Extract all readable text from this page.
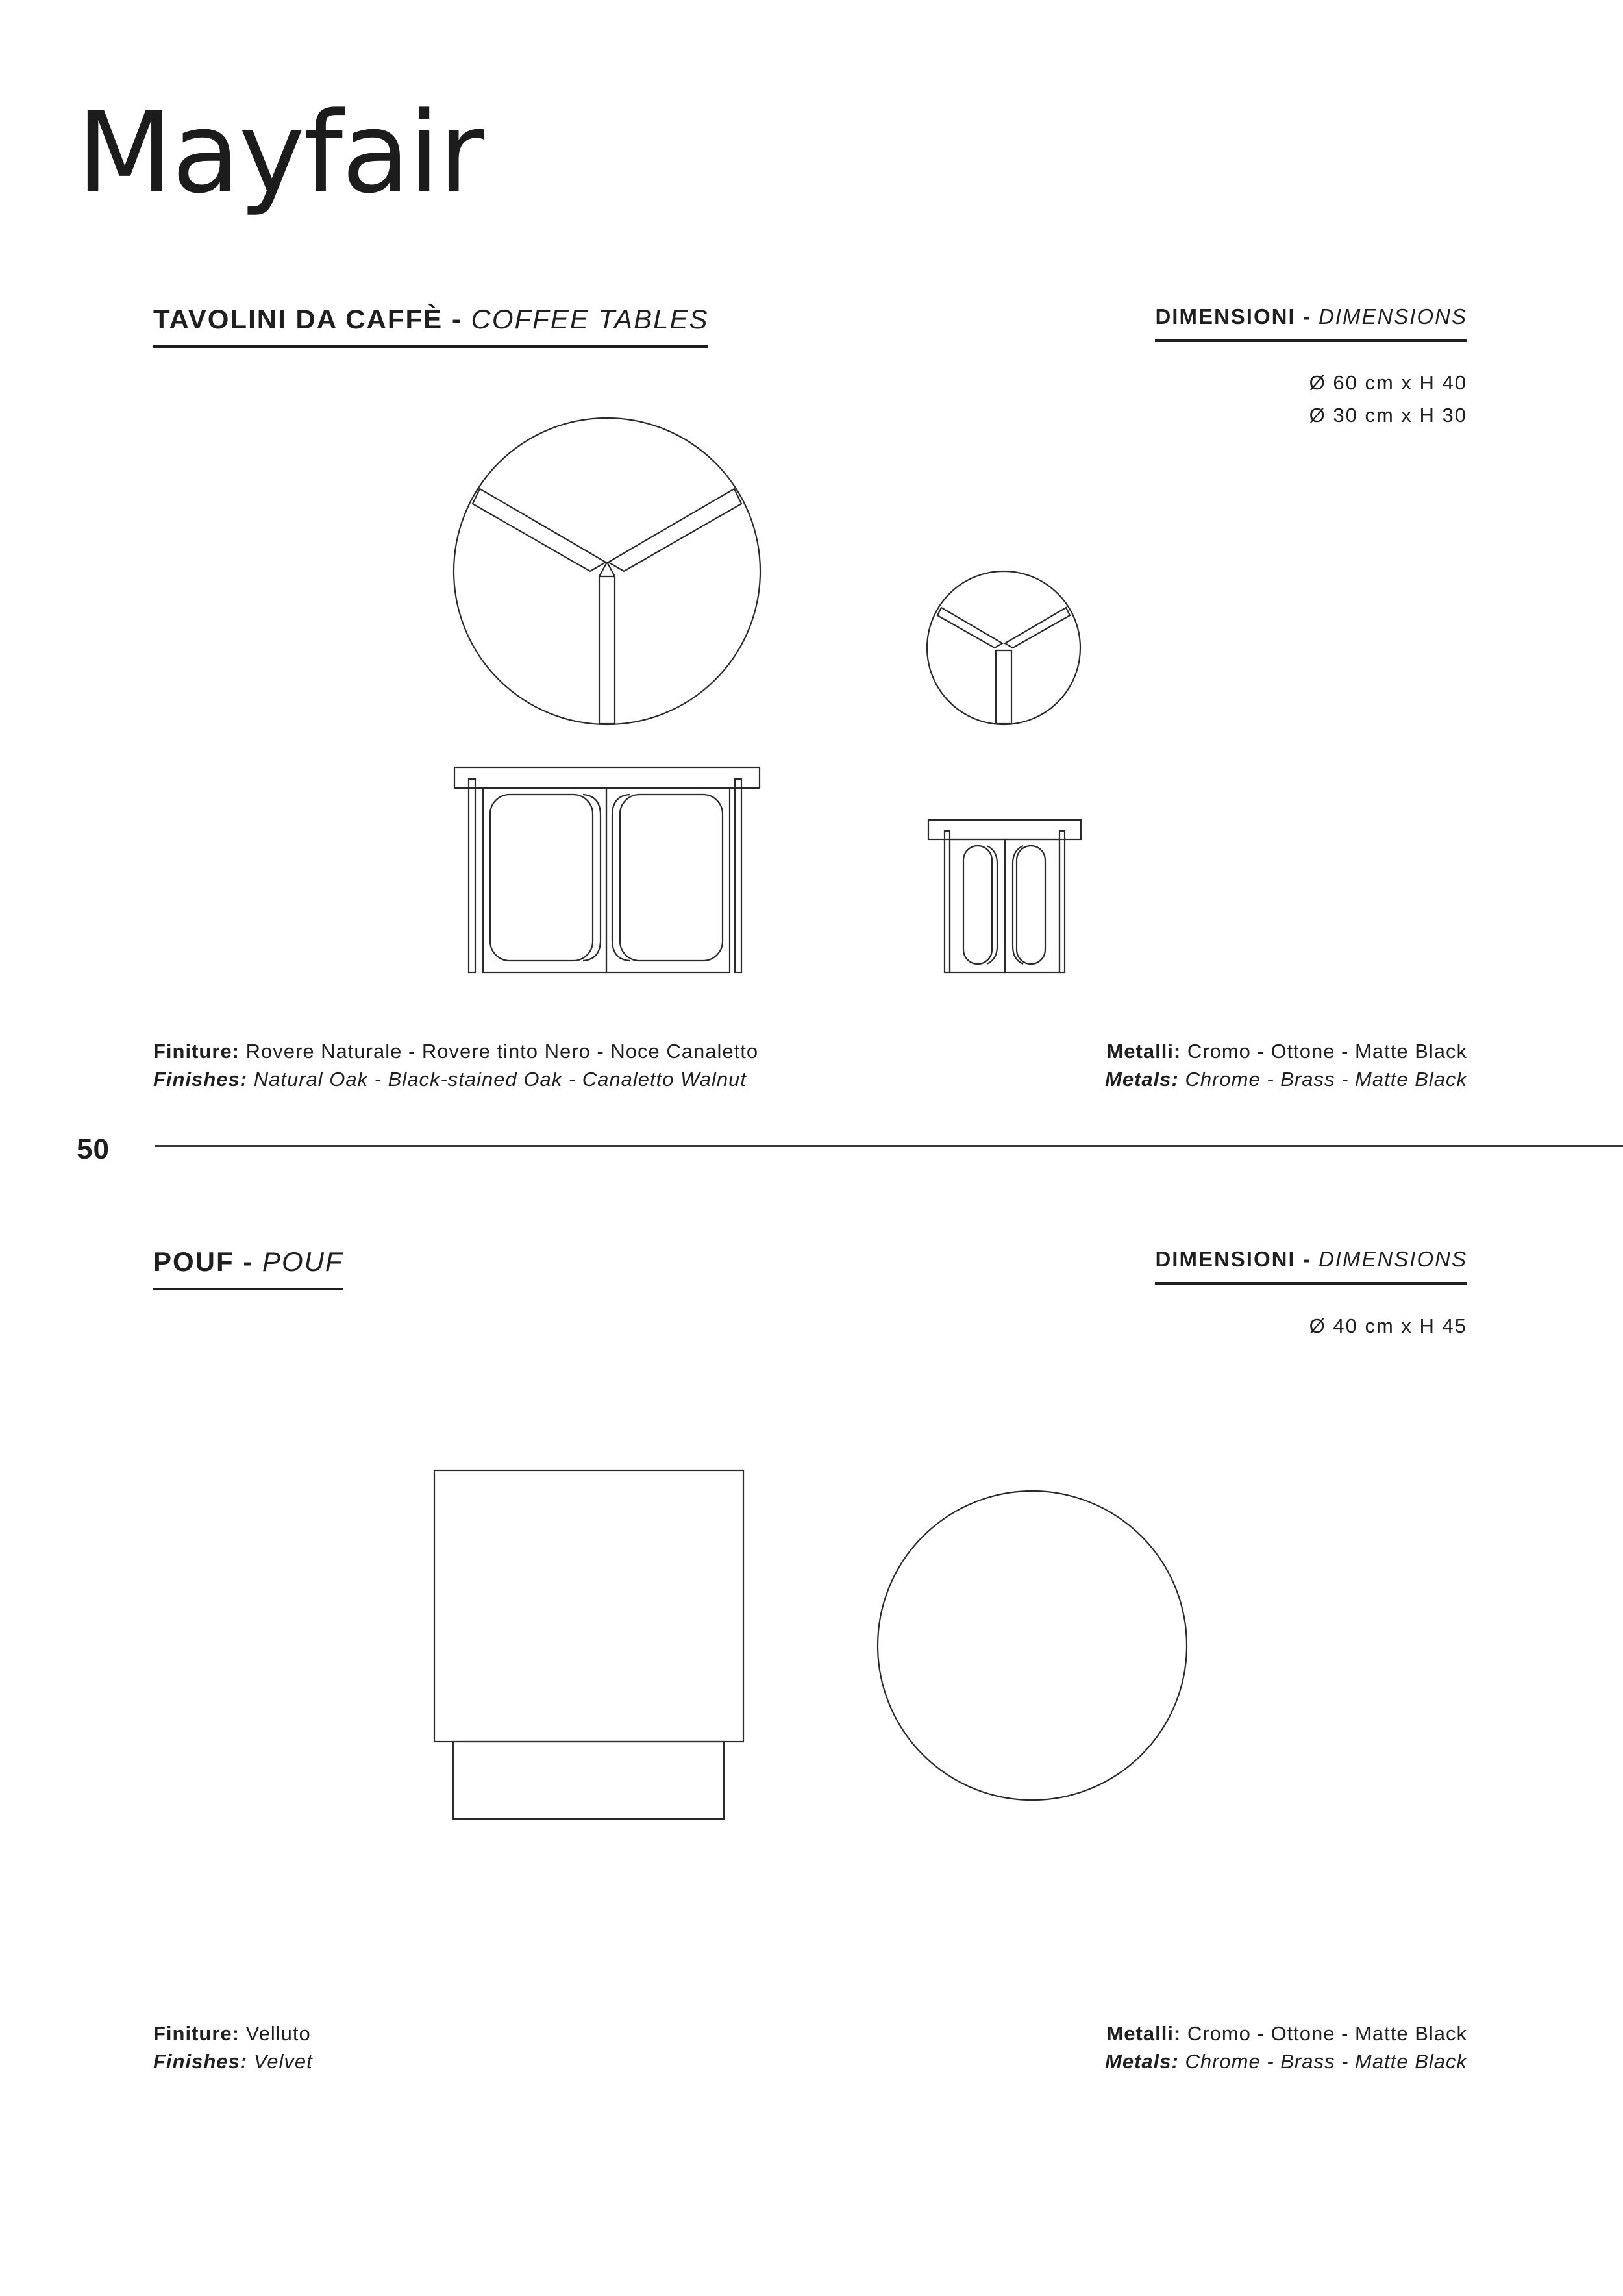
Mayfair
TAVOLINI DA CAFFÈ - COFFEE TABLES	DIMENSIONI - DIMENSIONS
Ø 60 cm x H 40
Ø 30 cm x H 30
Finiture: Rovere Naturale - Rovere tinto Nero - Noce Canaletto
Finishes: Natural Oak - Black-stained Oak - Canaletto Walnut
Metalli: Cromo - Ottone - Matte Black
Metals: Chrome - Brass - Matte Black
50
POUF - POUF	DIMENSIONI - DIMENSIONS
Ø 40 cm x H 45
Finiture: Velluto
Finishes: Velvet
Metalli: Cromo - Ottone - Matte Black
Metals: Chrome - Brass - Matte Black
